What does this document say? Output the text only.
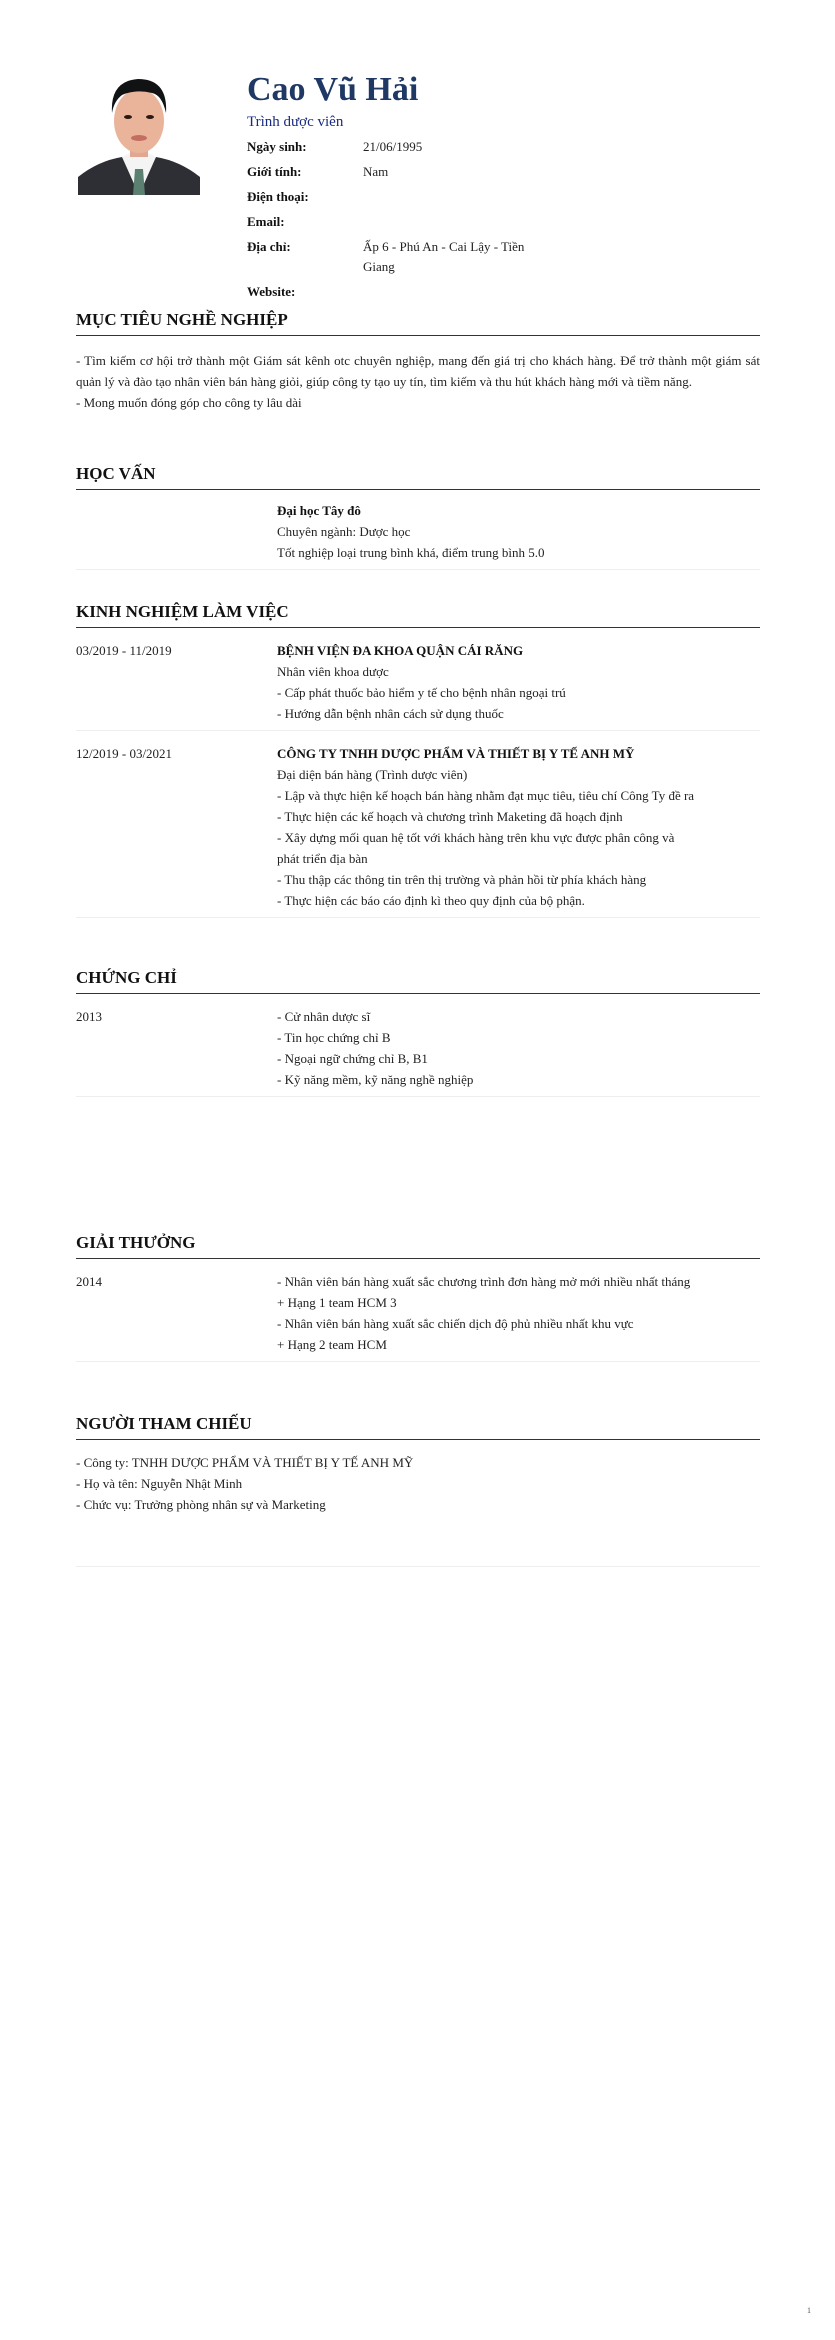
Cao Vũ Hải
Trình dược viên
Ngày sinh:	21/06/1995
Giới tính:	Nam
Điện thoại:
Email:
Địa chỉ:	Ấp 6 - Phú An - Cai Lậy - Tiền Giang
Website:
MỤC TIÊU NGHỀ NGHIỆP
- Tìm kiếm cơ hội trở thành một Giám sát kênh otc chuyên nghiệp, mang đến giá trị cho khách hàng. Để trở thành một giám sát quản lý và đào tạo nhân viên bán hàng giỏi, giúp công ty tạo uy tín, tìm kiếm và thu hút khách hàng mới và tiềm năng.
- Mong muốn đóng góp cho công ty lâu dài
HỌC VẤN
Đại học Tây đô
Chuyên ngành: Dược học
Tốt nghiệp loại trung bình khá, điểm trung bình 5.0
KINH NGHIỆM LÀM VIỆC
03/2019 - 11/2019	BỆNH VIỆN ĐA KHOA QUẬN CÁI RĂNG
Nhân viên khoa dược
- Cấp phát thuốc bảo hiểm y tế cho bệnh nhân ngoại trú
- Hướng dẫn bệnh nhân cách sử dụng thuốc
12/2019 - 03/2021	CÔNG TY TNHH DƯỢC PHẨM VÀ THIẾT BỊ Y TẾ ANH MỸ
Đại diện bán hàng (Trình dược viên)
- Lập và thực hiện kế hoạch bán hàng nhằm đạt mục tiêu, tiêu chí Công Ty đề ra
- Thực hiện các kế hoạch và chương trình Maketing đã hoạch định
- Xây dựng mối quan hệ tốt với khách hàng trên khu vực được phân công và phát triển địa bàn
- Thu thập các thông tin trên thị trường và phản hồi từ phía khách hàng
- Thực hiện các báo cáo định kì theo quy định của bộ phận.
CHỨNG CHỈ
2013	- Cử nhân dược sĩ
- Tin học chứng chỉ B
- Ngoại ngữ chứng chỉ B, B1
- Kỹ năng mềm, kỹ năng nghề nghiệp
GIẢI THƯỞNG
2014	- Nhân viên bán hàng xuất sắc chương trình đơn hàng mở mới nhiều nhất tháng
+ Hạng 1 team HCM 3
- Nhân viên bán hàng xuất sắc chiến dịch độ phủ nhiều nhất khu vực
+ Hạng 2 team HCM
NGƯỜI THAM CHIẾU
- Công ty: TNHH DƯỢC PHẨM VÀ THIẾT BỊ Y TẾ ANH MỸ
- Họ và tên: Nguyễn Nhật Minh
- Chức vụ: Trưởng phòng nhân sự và Marketing
1
